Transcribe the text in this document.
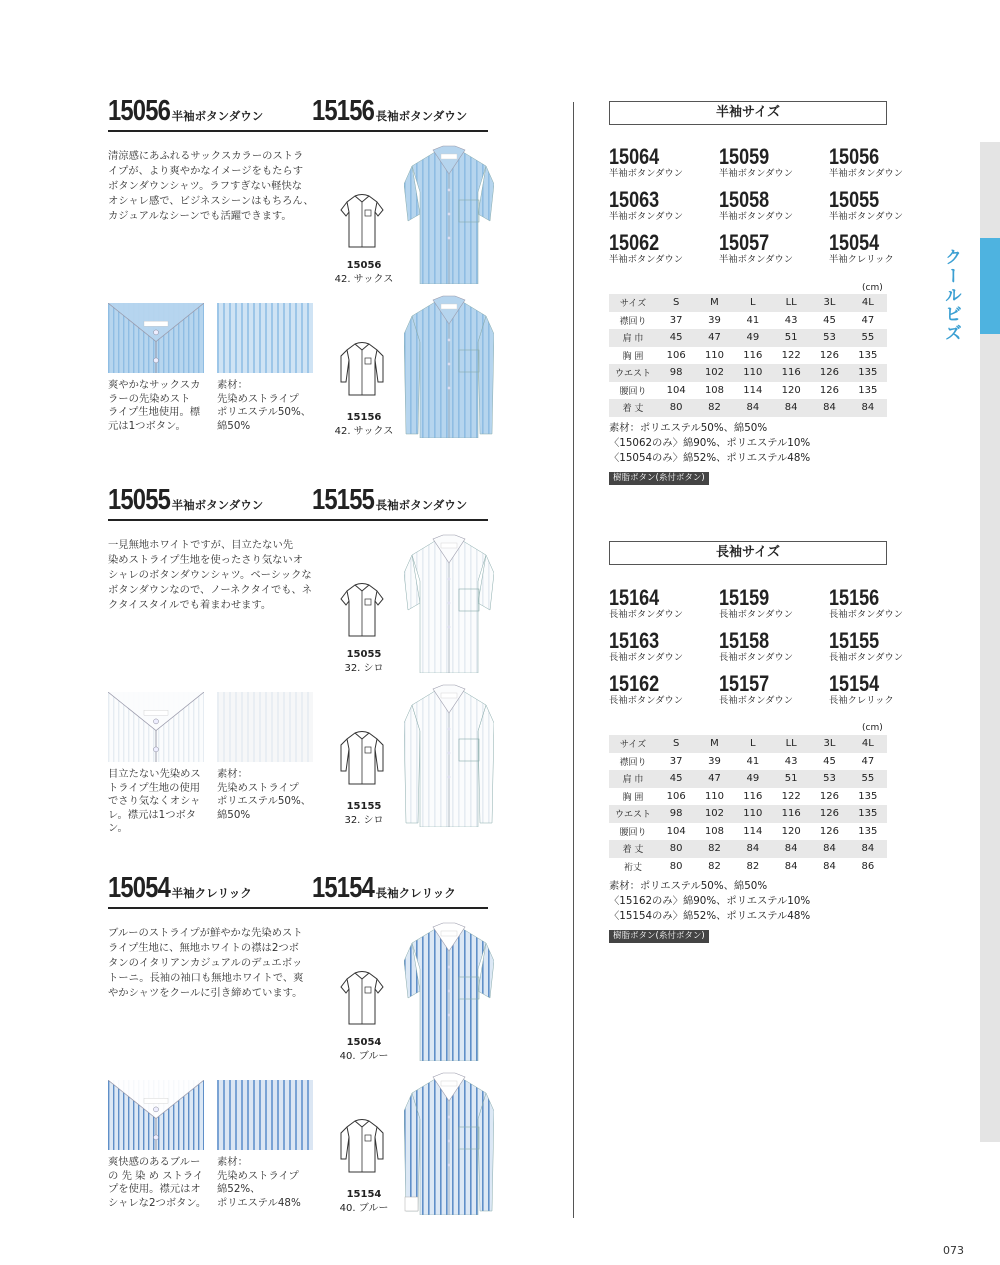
15056 半袖ボタンダウン 15156 長袖ボタンダウン
清涼感にあふれるサックスカラーのストラ
イプが、より爽やかなイメージをもたらす
ボタンダウンシャツ。ラフすぎない軽快な
オシャレ感で、ビジネスシーンはもちろん、
カジュアルなシーンでも活躍できます。
15056
42. サックス
15156
42. サックス
爽やかなサックスカ
ラーの先染めスト
ライプ生地使用。標
元は1つボタン。
素材：
先染めストライプ
ポリエステル50%、
綿50%
15055 半袖ボタンダウン 15155 長袖ボタンダウン
一見無地ホワイトですが、目立たない先
染めストライプ生地を使ったさり気ないオ
シャレのボタンダウンシャツ。ベーシックな
ボタンダウンなので、ノーネクタイでも、ネ
クタイスタイルでも着まわせます。
15055
32. シロ
15155
32. シロ
目立たない先染めス
トライプ生地の使用
でさり気なくオシャ
レ。襟元は1つボタン。
素材：
先染めストライプ
ポリエステル50%、
綿50%
15054 半袖クレリック 15154 長袖クレリック
ブルーのストライプが鮮やかな先染めスト
ライプ生地に、無地ホワイトの襟は2つボ
タンのイタリアンカジュアルのデュエボッ
トーニ。長袖の袖口も無地ホワイトで、爽
やかシャツをクールに引き締めています。
15054
40. ブルー
15154
40. ブルー
爽快感のあるブルー
の 先 染 め ストライ
プを使用。襟元はオ
シャレな2つボタン。
素材：
先染めストライプ
綿52%、
ポリエステル48%
半袖サイズ
15064
半袖ボタンダウン
15059
半袖ボタンダウン
15056
半袖ボタンダウン
15063
半袖ボタンダウン
15058
半袖ボタンダウン
15055
半袖ボタンダウン
15062
半袖ボタンダウン
15057
半袖ボタンダウン
15054
半袖クレリック
(cm)
サイズ	S	M	L	LL	3L	4L
襟回り	37	39	41	43	45	47
肩 巾	45	47	49	51	53	55
胸 囲	106	110	116	122	126	135
ウエスト	98	102	110	116	126	135
腰回り	104	108	114	120	126	135
着 丈	80	82	84	84	84	84
素材：ポリエステル50%、綿50%
〈15062のみ〉綿90%、ポリエステル10%
〈15054のみ〉綿52%、ポリエステル48%
樹脂ボタン(糸付ボタン)
長袖サイズ
15164
長袖ボタンダウン
15159
長袖ボタンダウン
15156
長袖ボタンダウン
15163
長袖ボタンダウン
15158
長袖ボタンダウン
15155
長袖ボタンダウン
15162
長袖ボタンダウン
15157
長袖ボタンダウン
15154
長袖クレリック
(cm)
サイズ	S	M	L	LL	3L	4L
襟回り	37	39	41	43	45	47
肩 巾	45	47	49	51	53	55
胸 囲	106	110	116	122	126	135
ウエスト	98	102	110	116	126	135
腰回り	104	108	114	120	126	135
着 丈	80	82	84	84	84	84
裄丈	80	82	82	84	84	86
素材：ポリエステル50%、綿50%
〈15162のみ〉綿90%、ポリエステル10%
〈15154のみ〉綿52%、ポリエステル48%
樹脂ボタン(糸付ボタン)
クールビズ
073
